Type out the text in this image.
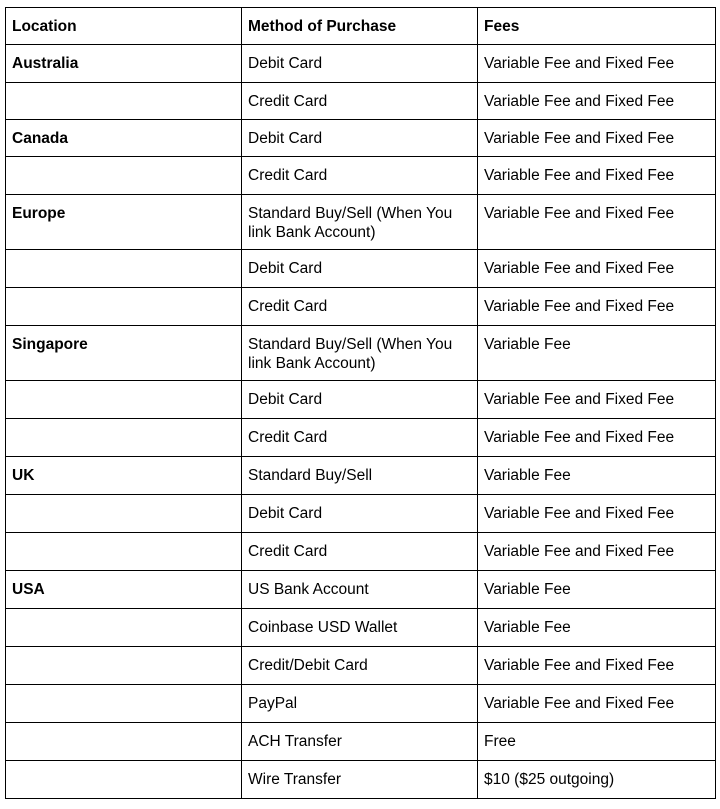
Location	Method of Purchase	Fees
Australia	Debit Card	Variable Fee and Fixed Fee
	Credit Card	Variable Fee and Fixed Fee
Canada	Debit Card	Variable Fee and Fixed Fee
	Credit Card	Variable Fee and Fixed Fee
Europe	Standard Buy/Sell (When You link Bank Account)	Variable Fee and Fixed Fee
	Debit Card	Variable Fee and Fixed Fee
	Credit Card	Variable Fee and Fixed Fee
Singapore	Standard Buy/Sell (When You link Bank Account)	Variable Fee
	Debit Card	Variable Fee and Fixed Fee
	Credit Card	Variable Fee and Fixed Fee
UK	Standard Buy/Sell	Variable Fee
	Debit Card	Variable Fee and Fixed Fee
	Credit Card	Variable Fee and Fixed Fee
USA	US Bank Account	Variable Fee
	Coinbase USD Wallet	Variable Fee
	Credit/Debit Card	Variable Fee and Fixed Fee
	PayPal	Variable Fee and Fixed Fee
	ACH Transfer	Free
	Wire Transfer	$10 ($25 outgoing)
